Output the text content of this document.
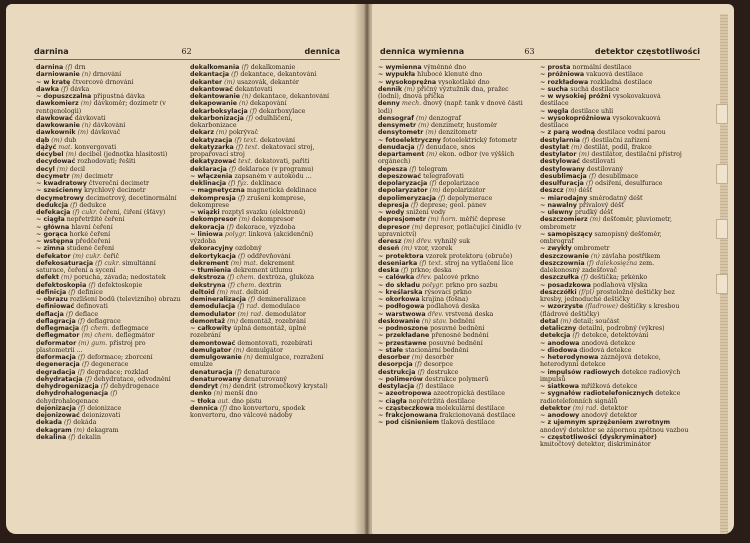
darnina	62	dennica

darnina (f) drn

darniowanie (n) drnování

~ w kratę čtvercové drnování

dawka (f) dávka

~ dopuszczalna přípustná dávka

dawkomierz (m) dávkoměr; dozimetr (v rentgenologii)

dawkować dávkovati

dawkowanie (n) dávkování

dawkownik (m) dávkovač

dąb (m) dub

dążyć mat. konvergovati

decybel (m) decibel (jednotka hlasitosti)

decydować rozhodovati; řešiti

decyl (m) decil

decymetr (m) decimetr

~ kwadratowy čtvereční decimetr

~ sześcienny krychlový decimetr

decymetrowy decimetrový, decetinormální

dedukcja (f) dedukce

defekacja (f) cukr. čeření, čiření (šťávy)

~ ciągła nepřetržité čeření

~ główna hlavní čeření

~ gorąca horké čeření

~ wstępna předčeření

~ zimna studené čeření

defekator (m) cukr. čeřič

defekosaturacja (f) cukr. simultánní saturace, čeření a sycení

defekt (m) porucha, závada; nedostatek

defektoskopia (f) defektoskopie

definicja (f) definice

~ obrazu rozlišení bodů (televizního) obrazu

definiować definovati

deflacja (f) deflace

deflagracja (f) deflagrace

deflegmacja (f) chem. deflegmace

deflegmator (m) chem. deflegmátor

deformator (m) gum. přístroj pro plastometrii ...

deformacja (f) deformace; zborcení

degeneracja (f) degenerace

degradacja (f) degradace; rozklad

dehydratacja (f) dehydratace, odvodnění

dehydrogenizacja (f) dehydrogenace

dehydrohalogenacja (f) dehydrohalogenace

dejonizacja (f) deionizace

dejonizować deionizovati

dekada (f) dekáda

dekagram (m) dekagram

dekalina (f) dekalin

dekalkomania (f) dekalkomanie

dekantacja (f) dekantace, dekantování

dekanter (m) usazovák, dekantér

dekantować dekantovati

dekantowanie (n) dekantace, dekantování

dekapowanie (n) dekapování

dekarboksylacja (f) dekarboxylace

dekarbonizacja (f) odulhličení, dekarbonizace

dekarz (m) pokrývač

dekatyzacja (f) text. dekatování

dekatyzarka (f) text. dekatovací stroj, propařovací stroj

dekatyzować text. dekatovati, pařiti

deklaracja (f) deklarace (v programu)

~ włączenia zapsaném v autokódu ...

deklinacja (f) fyz. deklinace

~ magnetyczna magnetická deklinace

dekompresja (f) zrušení komprese, dekomprese

~ wiązki rozptyl svazku (elektronů)

dekompresor (m) dekompresor

dekoracja (f) dekorace, výzdoba

~ liniowa polygr. linková (akcidenční) výzdoba

dekoracyjny ozdobný

dekortykacja (f) oddřevňování

dekrement (m) mat. dekrement

~ tłumienia dekrement útlumu

dekstroza (f) chem. dextróza, glukóza

dekstryna (f) chem. dextrin

deltoid (m) mat. deltoid

demineralizacja (f) demineralizace

demodulacja (f) rad. demodulace

demodulator (m) rad. demodulátor

demontaż (m) demontáž, rozebrání

~ całkowity úplná demontáž, úplné rozebrání

demontować demontovati, rozebírati

demulgator (m) demulgátor

demulgowanie (n) demulgace, rozražení emulze

denaturacja (f) denaturace

denaturowany denaturovaný

dendryt (m) dendrit (stromečkový krystal)

denko (n) menší dno

~ tłoka aut. dno pístu

dennica (f) dno konvertoru, spodek konvertoru, dno válcové nádoby

dennica wymienna	63	detektor częstotliwości

~ wymienna výměnné dno

~ wypukła hlubocé klenuté dno

~ wysokoprężna vysokotlaké dno

dennik (m) přičný výztužník dna, pražec (lodní), dnová příčka

denny mech. dnový (např. tank v dnové části lodi)

densograf (m) denzograf

densymetr (m) denzimetr, hustoměr

densytometr (m) denzitometr

~ fotoelektryczny fotoelektrický fotometr

denudacja (f) denudace, snos

departament (m) ekon. odbor (ve výšších orgánech)

depesza (f) telegram

depeszować telegrafovati

depolaryzacja (f) depolarizace

depolaryzator (m) depolarizátor

depolimeryzacja (f) depolymerace

depresja (f) deprese; geol. pánev

~ wody snížení vody

depresjometr (m) horn. měřič deprese

depresor (m) depresor, potlačující činidlo (v upravnictví)

deresz (m) dřev. vyhnilý suk

deseń (m) vzor, vzorek

~ protektora vzorek protektoru (obruče)

deseniarka (f) text. stroj na vytlačení líce

deska (f) prkno; deska

~ calówka dřev. palcové prkno

~ do składu polygr. prkno pro sazbu

~ kreślarska rýsovací prkno

~ okorkowa krajina (fošna)

~ podłogowa podlahová deska

~ warstwowa dřev. vrstvená deska

deskowanie (n) stav. bednění

~ podnoszone posuvné bednění

~ przekładane přenosné bednění

~ przestawne posuvné bednění

~ stałe stacionární bednění

desorber (m) desorbér

desorpcja (f) desorpce

destrukcja (f) destrukce

~ polimerów destrukce polymerů

destylacja (f) destilace

~ azeotropowa azeotropická destilace

~ ciągła nepřetržitá destilace

~ cząsteczkowa molekulární destilace

~ frakcjonowana frakcionovaná destilace

~ pod ciśnieniem tlaková destilace

~ prosta normální destilace

~ próżniowa vakuová destilace

~ rozkładowa rozkladná destilace

~ sucha suchá destilace

~ w wysokiej próżni vysokovakuová destilace

~ węgla destilace uhlí

~ wysokopróżniowa vysokovakuová destilace

~ z parą wodną destilace vodní parou

destylarnia (f) destilační zařízení

destylat (m) destilát, podíl, frakce

destylator (m) destilátor, destilační přístroj

destylować destilovati

destylowany destilovaný

desublimacja (f) desublimace

desulfuracja (f) odsíření, desulfurace

deszcz (m) déšť

~ miarodajny směrodatný déšť

~ nawalny přívalový déšť

~ ulewny prudký déšť

deszczomierz (m) dešťoměr, pluviometr, ombrometr

~ samopiszący samopisný dešťoměr, ombrograf

~ zwykły ombrometr

deszczowanie (n) závlaha postřikem

deszczownia (f) dalekosiężna zem. dalekonosný zadešťovač

deszczułka (f) deštička; prkénko

~ posadzkowa podlahová vlýska

deszczółki (f/pl) prostoložné deštičky bez kresby, jednoduché deštičky

~ wzorzyste (fladrowe) deštičky s kresbou (fládrové deštičky)

detal (m) detail; součást

detaliczny detailní, podrobný (výkres)

detekcja (f) detekce, detektování

~ anodowa anodová detekce

~ diodowa diodová detekce

~ heterodynowa záznějová detekce, heterodynní detekce

~ impulsów radiowych detekce radiových impulsů

~ siatkowa mřížková detekce

~ sygnałów radiotelefonicznych detekce radiotelefonních signálů

detektor (m) rad. detektor

~ anodowy anodový detektor

~ z ujemnym sprzężeniem zwrotnym anodový detektor se zápornou zpětnou vazbou

~ częstotliwości (dyskryminator) kmitočtový detektor, diskriminátor
